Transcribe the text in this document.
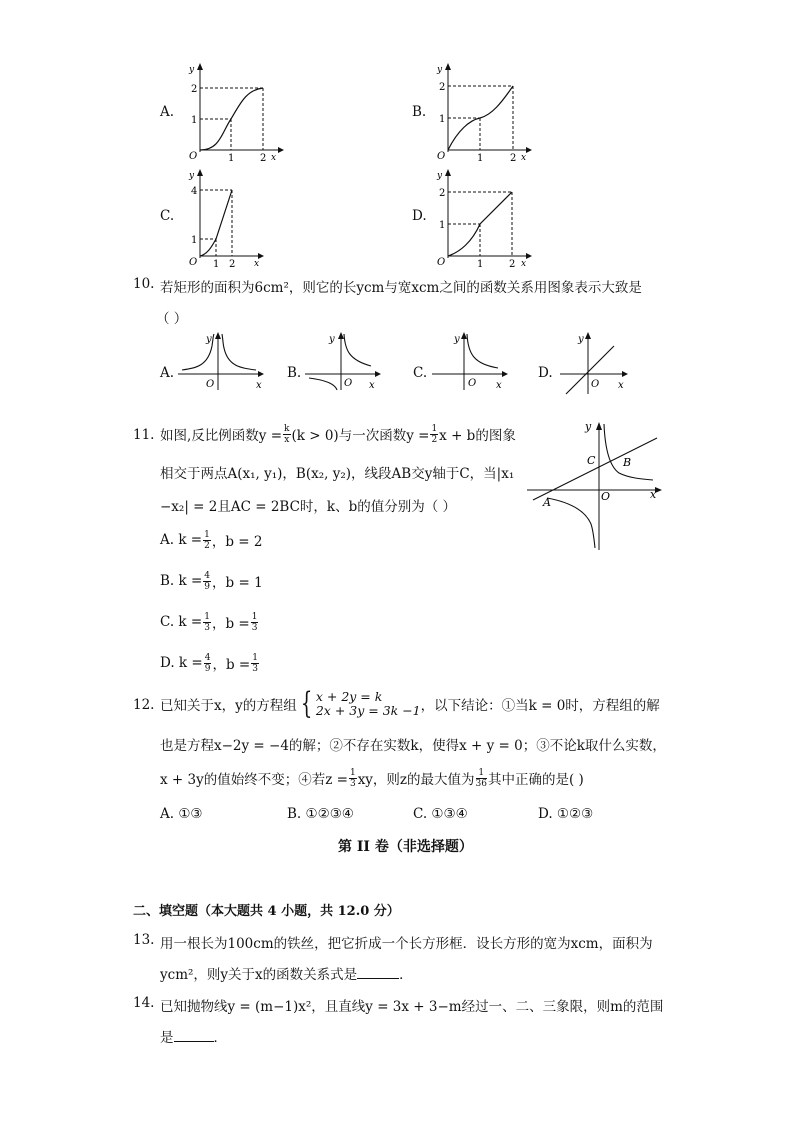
A.	B.
C.	D.
y
x
O
2
1
1	2
y
x
O
2
1
1	2
y
x
O
4
1
1 2
y
x
O
2
1
1	2
10. 若矩形的面积为6cm²，则它的长ycm与宽xcm之间的函数关系用图象表示大致是
（ ）
A.	B.	C.	D.
y
x
O
y
x
O
y
x
O
y
x
O
11. 如图,反比例函数$y = \frac{k}{x} (k > 0)$与一次函数$y = \frac{1}{2}$ x + b的图象
相交于两点A(x₁, y₁)，B(x₂, y₂)，线段AB交y轴于C，当|x₁
−x₂| = 2且AC = 2BC时，k、b的值分别为（ ）
A. $k = \frac{1}{2}$ ，b = 2
B. $k = \frac{4}{9}$ ，b = 1
C. $k = \frac{1}{3}$ ，$b = \frac{1}{3}$
D. $k = \frac{4}{9}$ ，$b = \frac{1}{3}$
y
x
O
A
B
C
12. 已知关于x，y的方程组 { x + 2y = k
2x + 3y = 3k −1 ，以下结论：①当k = 0时，方程组的解
也是方程x−2y = −4的解；②不存在实数k，使得x + y = 0；③不论k取什么实数，
x + 3y的值始终不变；④若$z = \frac{1}{3}$ xy，则z的最大值为 1
36 其中正确的是( )
A. ①③	B. ①②③④	C. ①③④	D. ①②③
第 II 卷（非选择题）
二、填空题（本大题共 4 小题，共 12.0 分）
13. 用一根长为100cm的铁丝，把它折成一个长方形框．设长方形的宽为xcm，面积为
ycm²，则y关于x的函数关系式是	．
14. 已知抛物线y = (m−1)x²，且直线y = 3x + 3−m经过一、二、三象限，则m的范围
是	．
